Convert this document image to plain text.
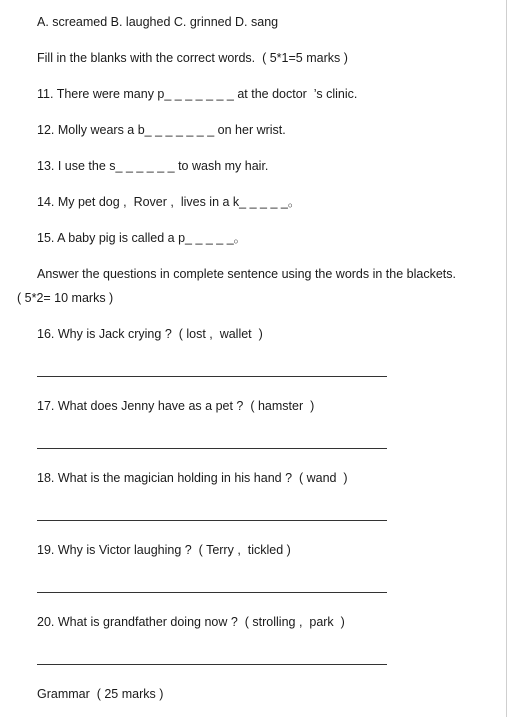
A. screamed B. laughed C. grinned D. sang
Fill in the blanks with the correct words.  ( 5*1=5 marks )
11. There were many p_ _ _ _ _ _ _ at the doctor  ’s clinic.
12. Molly wears a b_ _ _ _ _ _ _ on her wrist.
13. I use the s_ _ _ _ _ _ to wash my hair.
14. My pet dog ,  Rover ,  lives in a k_ _ _ _ _。
15. A baby pig is called a p_ _ _ _ _。
Answer the questions in complete sentence using the words in the blackets.
( 5*2= 10 marks )
16. Why is Jack crying ?  ( lost ,  wallet  )
17. What does Jenny have as a pet ?  ( hamster  )
18. What is the magician holding in his hand ?  ( wand  )
19. Why is Victor laughing ?  ( Terry ,  tickled )
20. What is grandfather doing now ?  ( strolling ,  park  )
Grammar  ( 25 marks )
